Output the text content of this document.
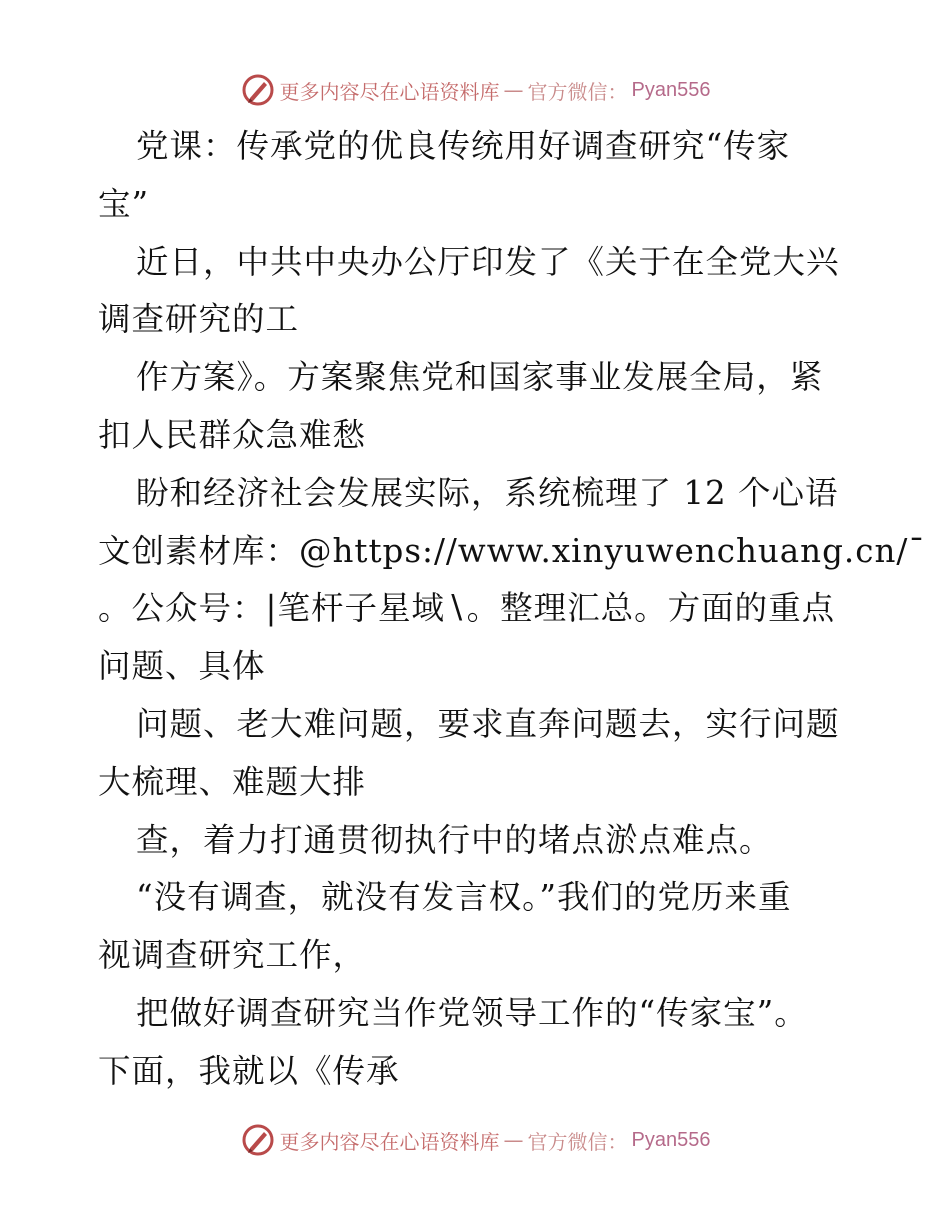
更多内容尽在心语资料库 — 官方微信： Pyan556
党课：传承党的优良传统用好调查研究“传家
宝”
近日，中共中央办公厅印发了《关于在全党大兴
调查研究的工
作方案》。方案聚焦党和国家事业发展全局，紧
扣人民群众急难愁
盼和经济社会发展实际，系统梳理了 12 个心语
文创素材库：@https://www.xinyuwenchuang.cn/¯
。公众号：|笔杆子星域∖。整理汇总。方面的重点
问题、具体
问题、老大难问题，要求直奔问题去，实行问题
大梳理、难题大排
查，着力打通贯彻执行中的堵点淤点难点。
“没有调查，就没有发言权。”我们的党历来重
视调查研究工作，
把做好调查研究当作党领导工作的“传家宝”。
下面，我就以《传承
更多内容尽在心语资料库 — 官方微信： Pyan556
